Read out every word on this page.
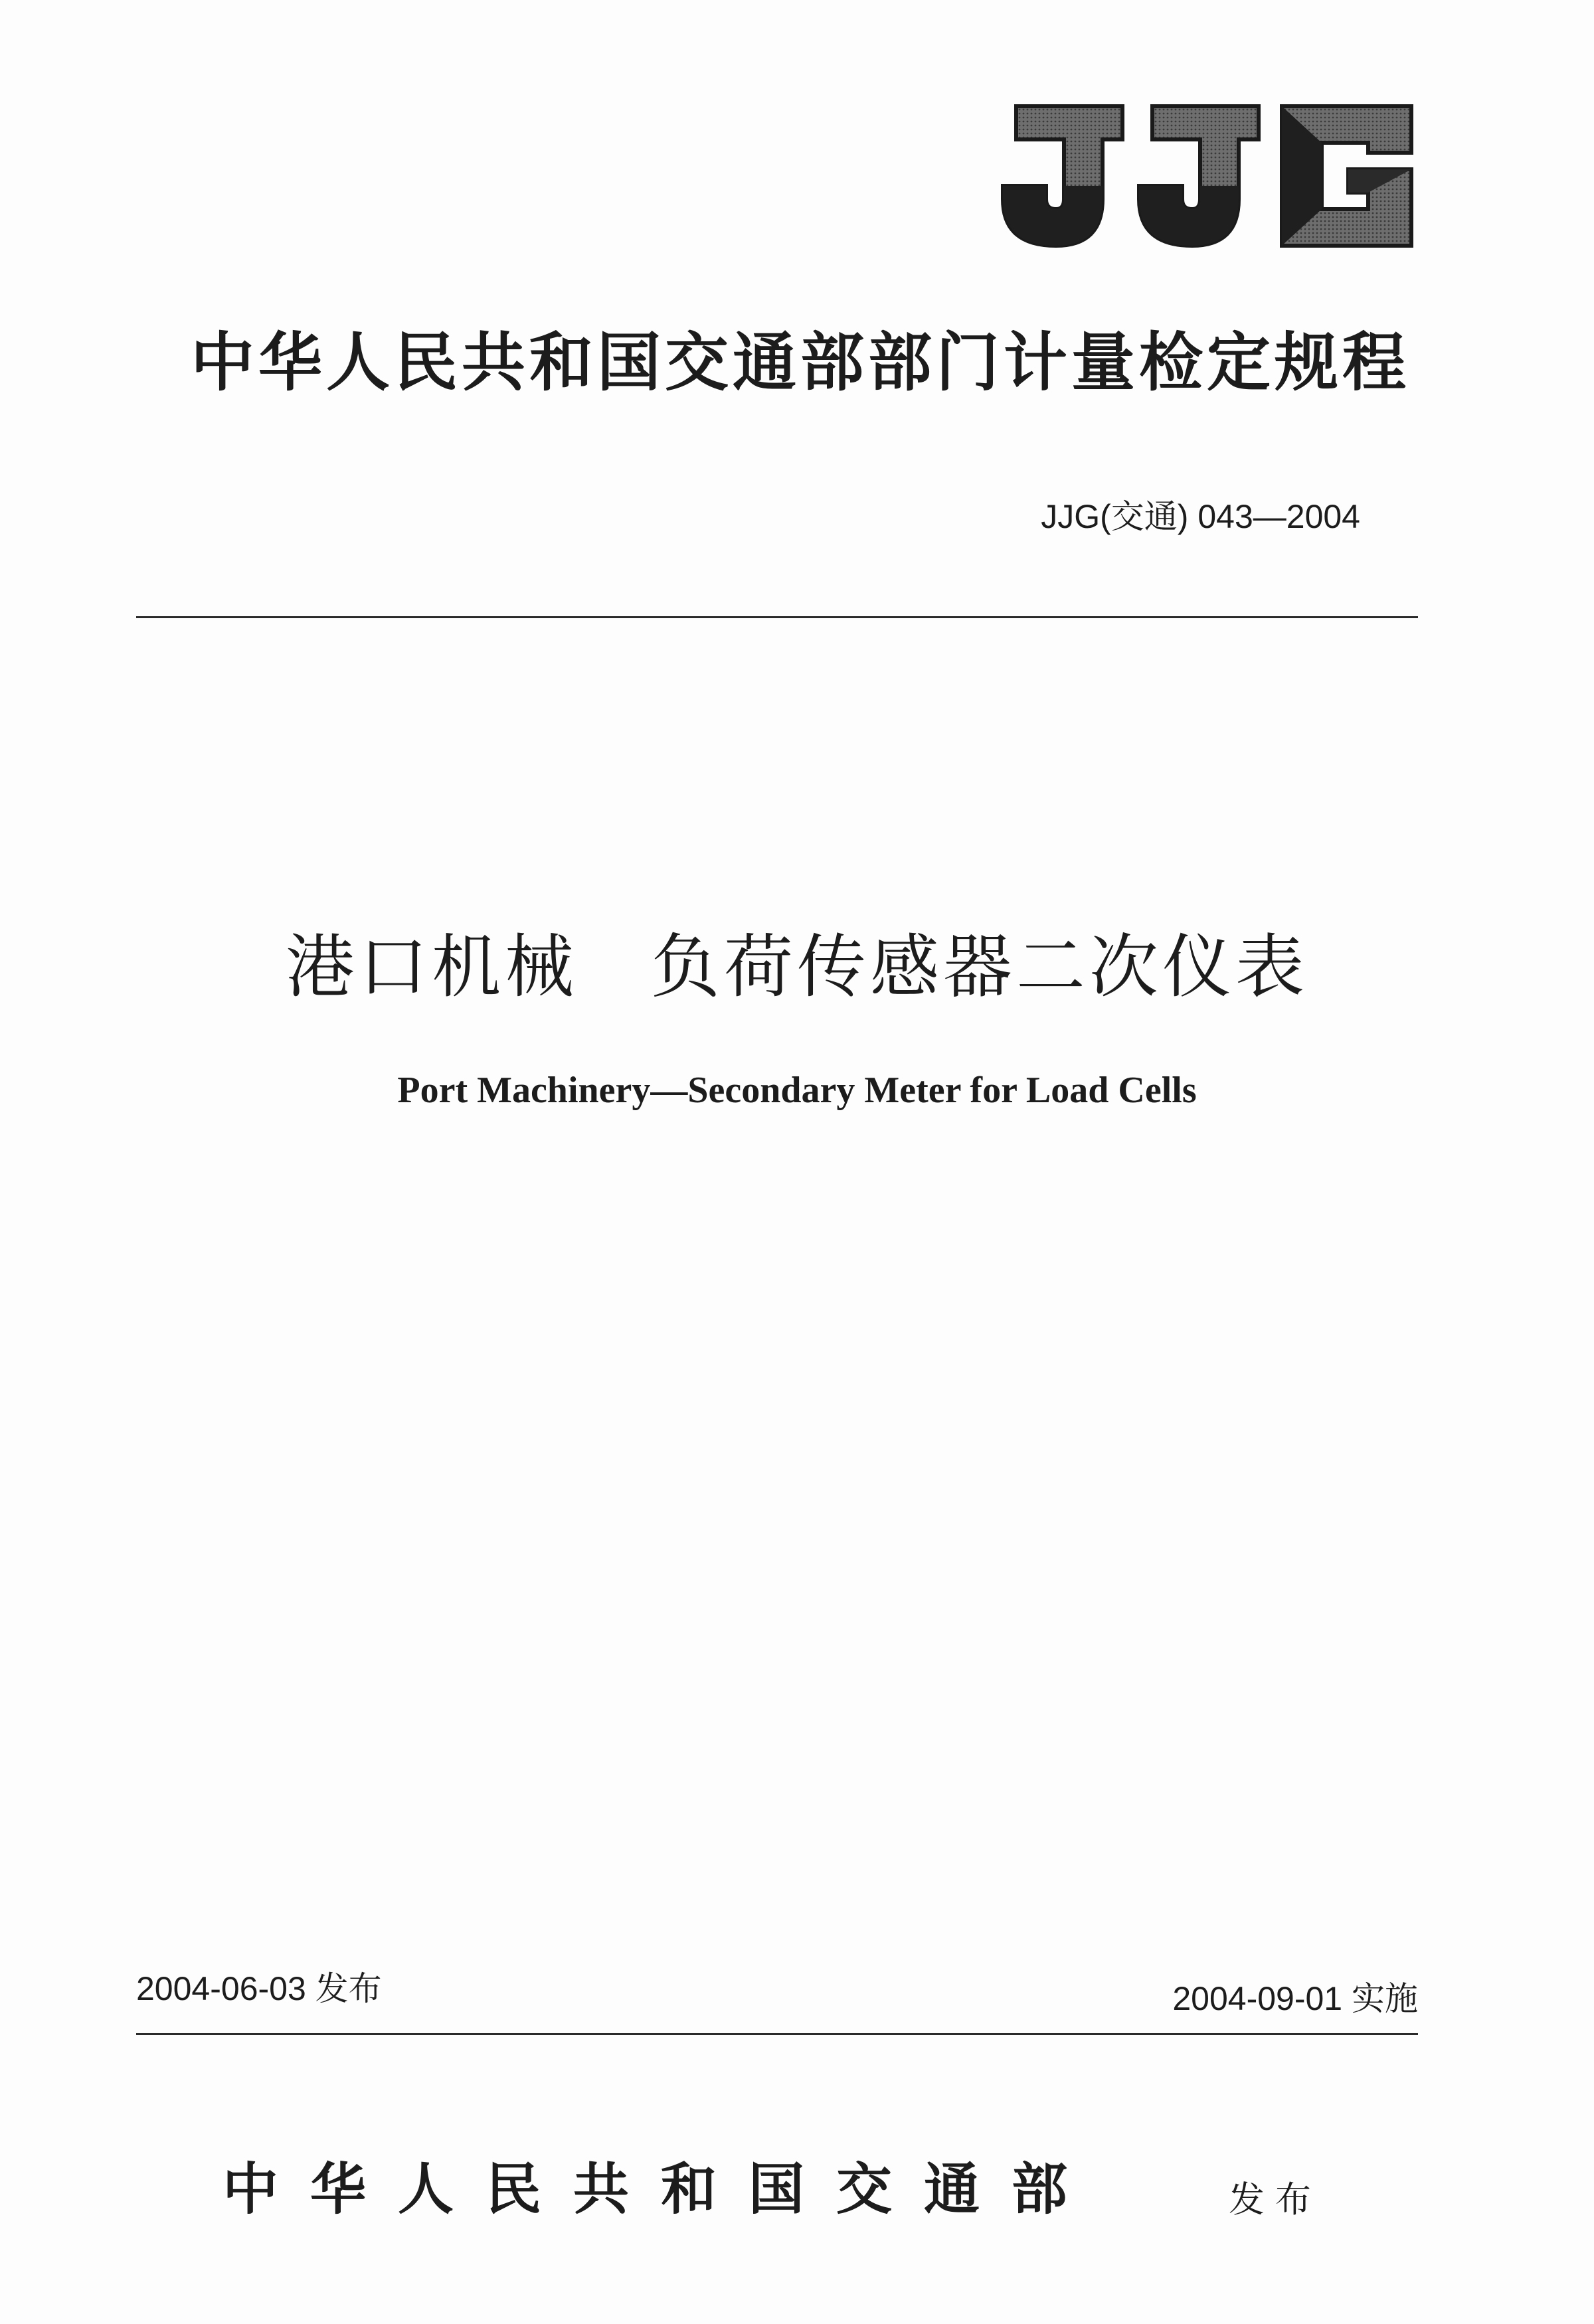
中华人民共和国交通部部门计量检定规程
JJG(交通) 043—2004
港口机械　负荷传感器二次仪表
Port Machinery—Secondary Meter for Load Cells
2004-06-03 发布	2004-09-01 实施
中华人民共和国交通部	发布
